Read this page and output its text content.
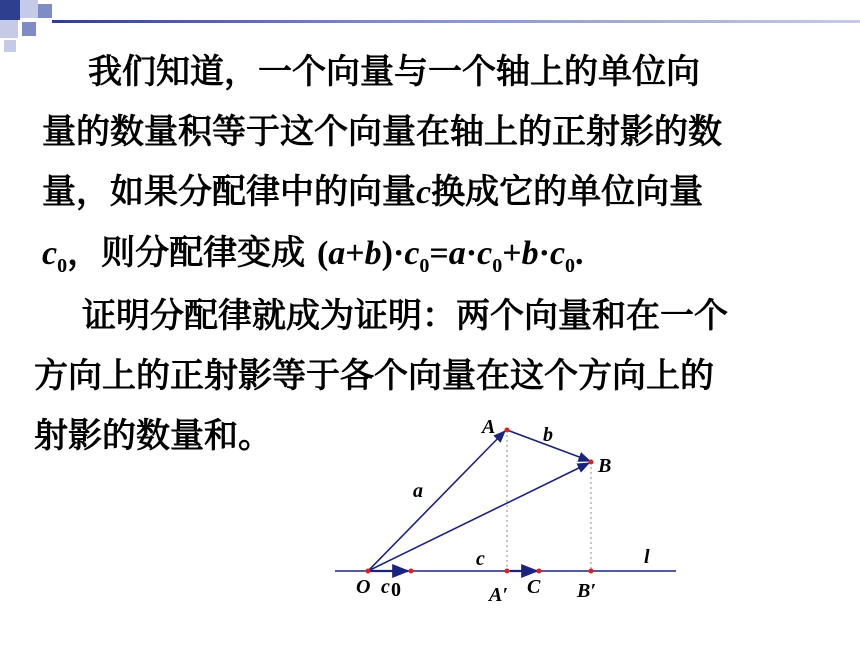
我们知道，一个向量与一个轴上的单位向
量的数量积等于这个向量在轴上的正射影的数
量，如果分配律中的向量c换成它的单位向量
$c_0$，则分配律变成 $(a+b)\cdot c_0=a\cdot c_0+b\cdot c_0$.
证明分配律就成为证明：两个向量和在一个
方向上的正射影等于各个向量在这个方向上的
射影的数量和。	A b
B
a
c	l
O c 0	A′ C B′
